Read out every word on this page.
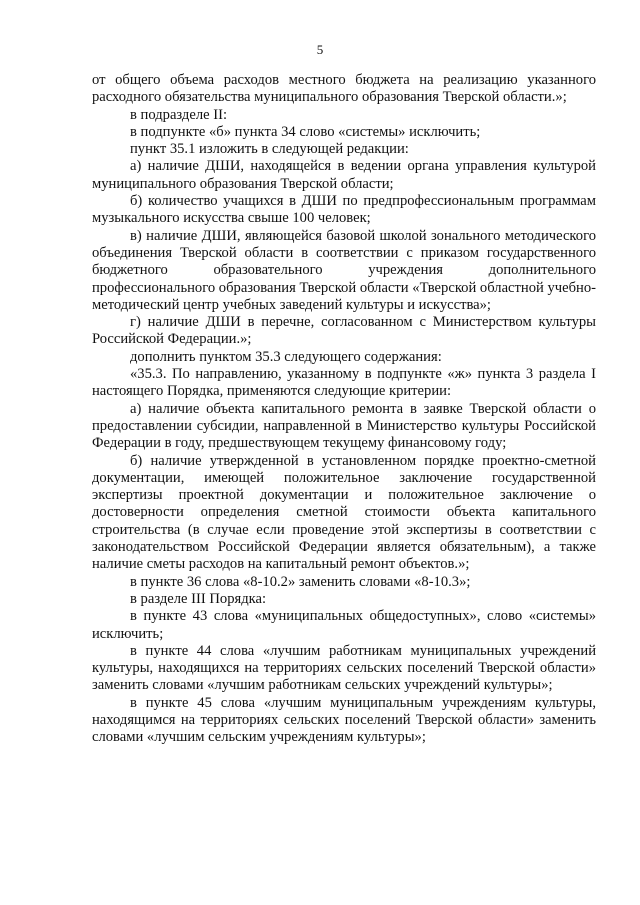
5

от общего объема расходов местного бюджета на реализацию указанного расходного обязательства муниципального образования Тверской области.»;

в подразделе II:

в подпункте «б» пункта 34 слово «системы» исключить;

пункт 35.1 изложить в следующей редакции:

а) наличие ДШИ, находящейся в ведении органа управления культурой муниципального образования Тверской области;

б) количество учащихся в ДШИ по предпрофессиональным программам музыкального искусства свыше 100 человек;

в) наличие ДШИ, являющейся базовой школой зонального методического объединения Тверской области в соответствии с приказом государственного бюджетного образовательного учреждения дополнительного профессионального образования Тверской области «Тверской областной учебно-методический центр учебных заведений культуры и искусства»;

г) наличие ДШИ в перечне, согласованном с Министерством культуры Российской Федерации.»;

дополнить пунктом 35.3 следующего содержания:

«35.3. По направлению, указанному в подпункте «ж» пункта 3 раздела I настоящего Порядка, применяются следующие критерии:

а) наличие объекта капитального ремонта в заявке Тверской области о предоставлении субсидии, направленной в Министерство культуры Российской Федерации в году, предшествующем текущему финансовому году;

б) наличие утвержденной в установленном порядке проектно-сметной документации, имеющей положительное заключение государственной экспертизы проектной документации и положительное заключение о достоверности определения сметной стоимости объекта капитального строительства (в случае если проведение этой экспертизы в соответствии с законодательством Российской Федерации является обязательным), а также наличие сметы расходов на капитальный ремонт объектов.»;

в пункте 36 слова «8-10.2» заменить словами «8-10.3»;

в разделе III Порядка:

в пункте 43 слова «муниципальных общедоступных», слово «системы» исключить;

в пункте 44 слова «лучшим работникам муниципальных учреждений культуры, находящихся на территориях сельских поселений Тверской области» заменить словами «лучшим работникам сельских учреждений культуры»;

в пункте 45 слова «лучшим муниципальным учреждениям культуры, находящимся на территориях сельских поселений Тверской области» заменить словами «лучшим сельским учреждениям культуры»;
